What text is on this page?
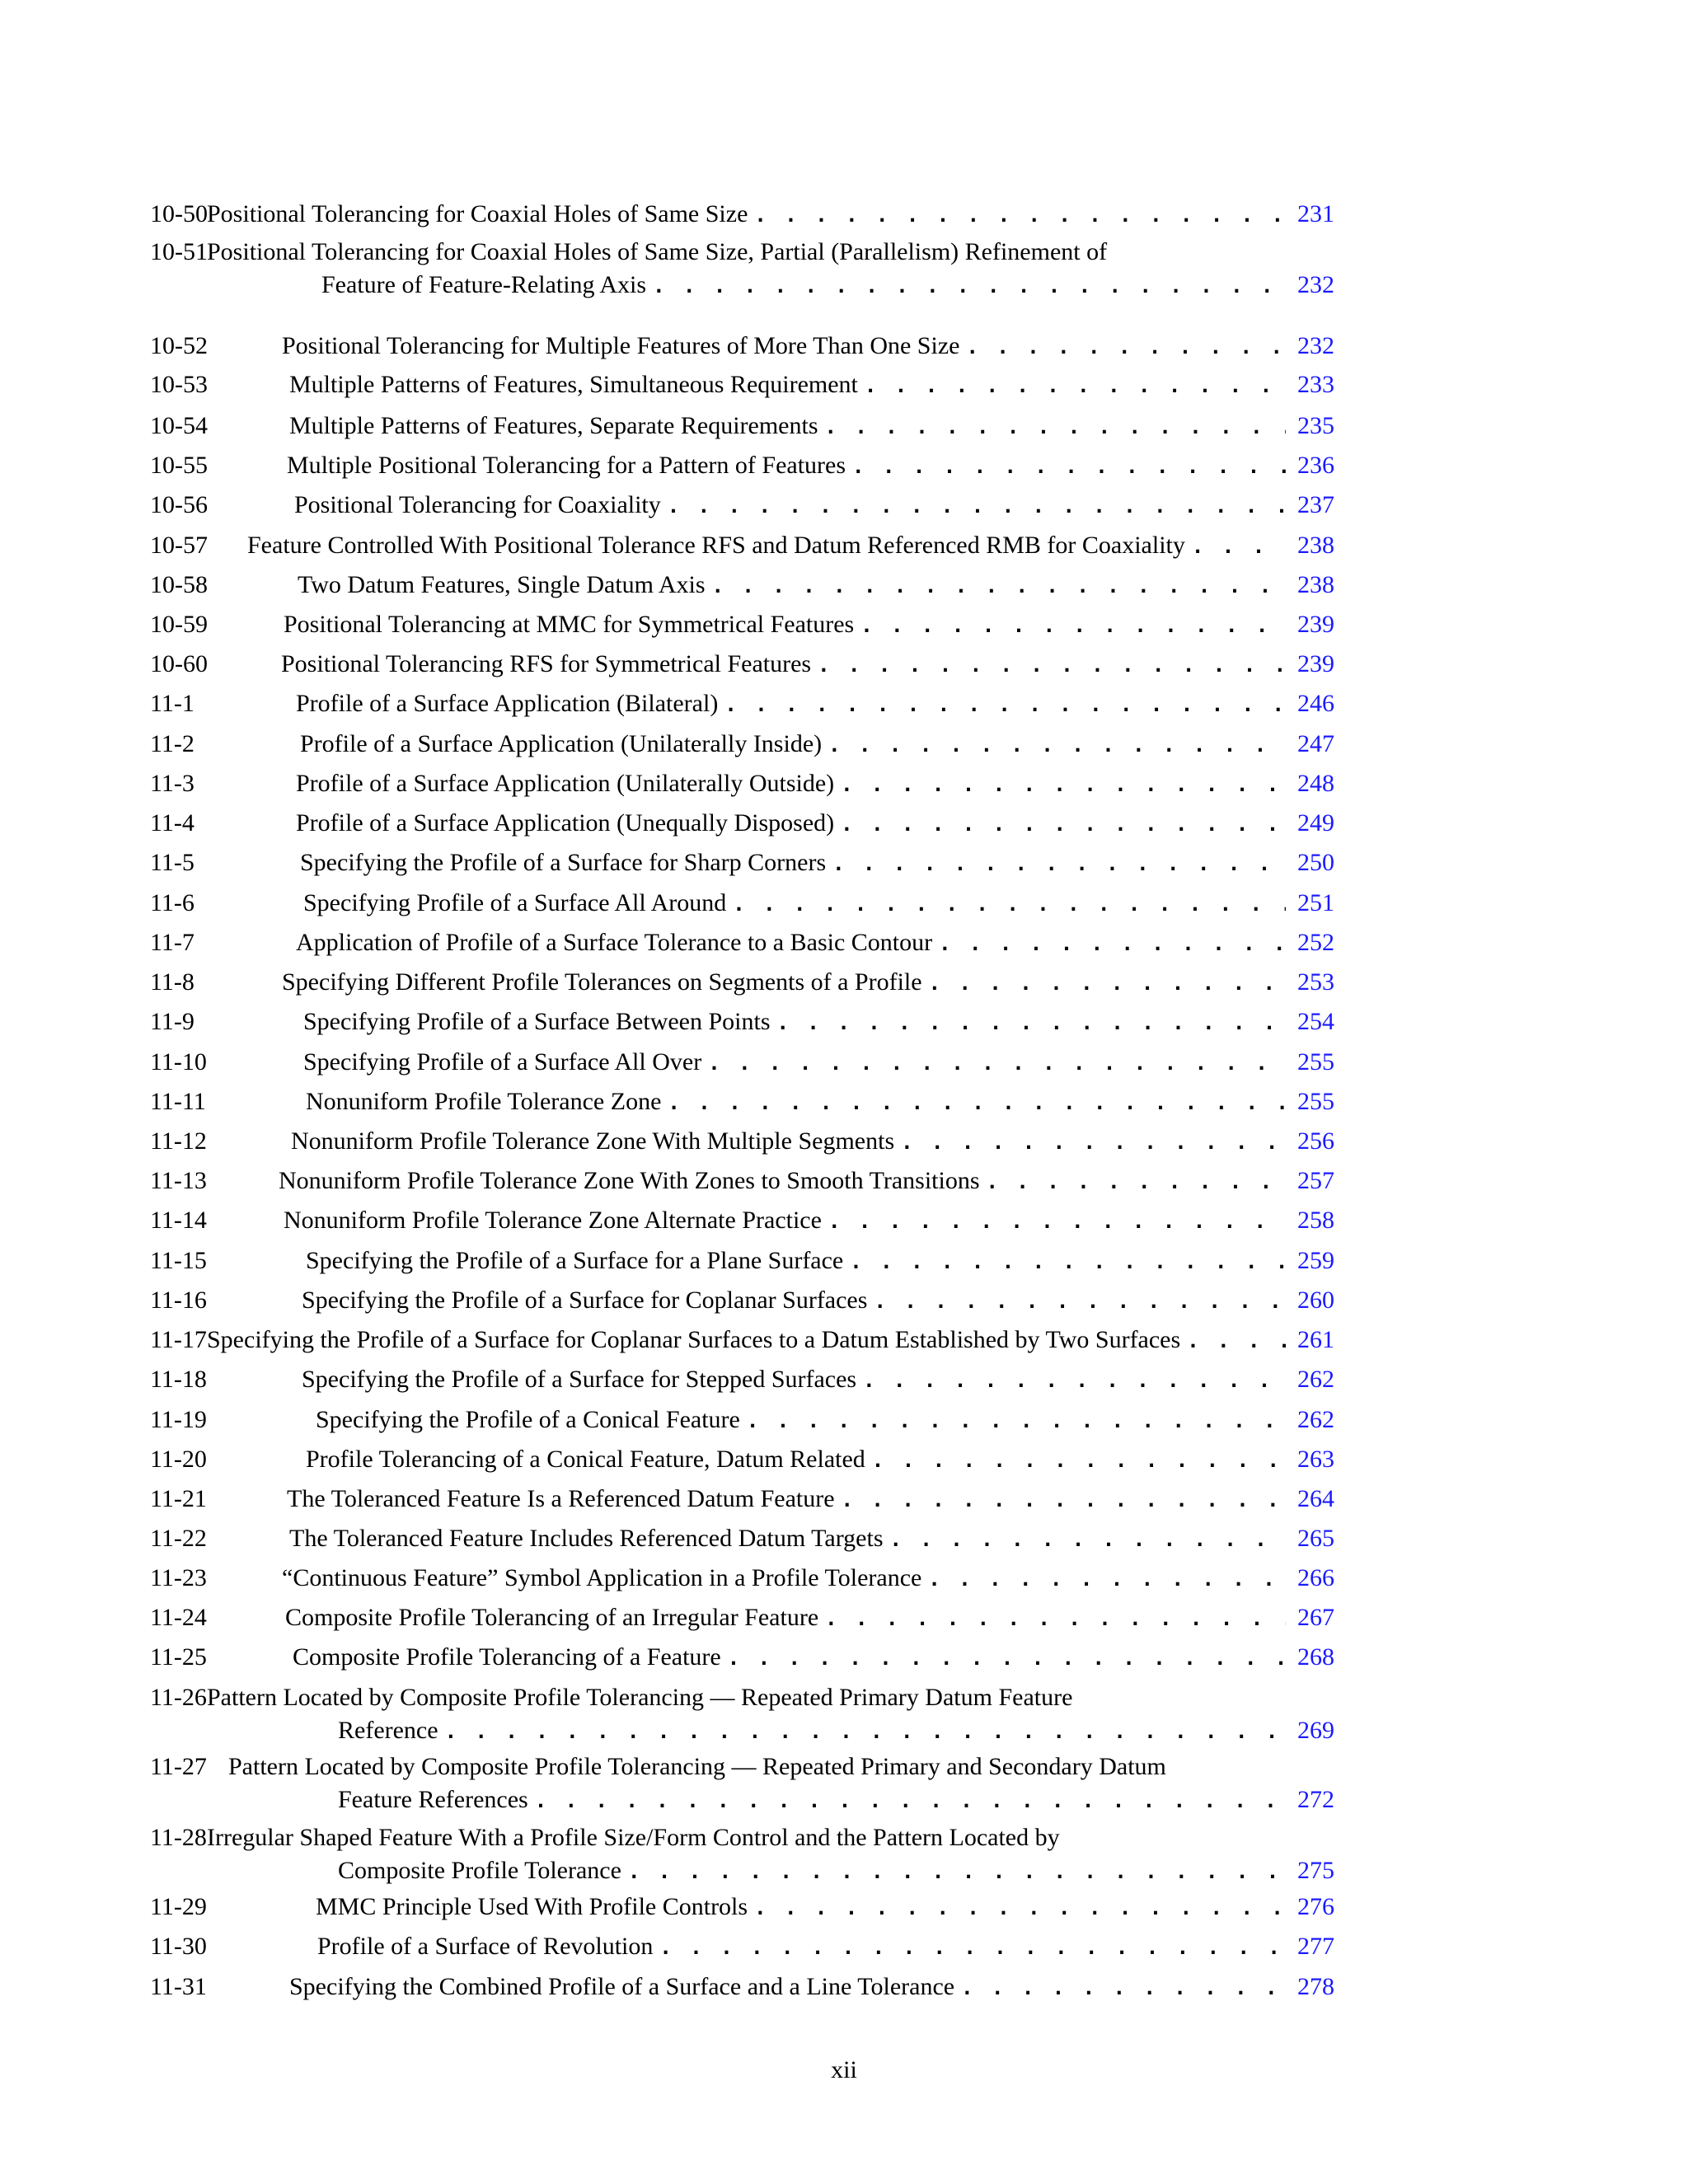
10-50 Positional Tolerancing for Coaxial Holes of Same Size . . .	231
10-51 Positional Tolerancing for Coaxial Holes of Same Size, Partial (Parallelism) Refinement of
Feature of Feature-Relating Axis . . .	232
10-52	Positional Tolerancing for Multiple Features of More Than One Size . . .	232
10-53	Multiple Patterns of Features, Simultaneous Requirement . . .	233
10-54	Multiple Patterns of Features, Separate Requirements . . .	235
10-55	Multiple Positional Tolerancing for a Pattern of Features . . .	236
10-56	Positional Tolerancing for Coaxiality . . .	237
10-57	Feature Controlled With Positional Tolerance RFS and Datum Referenced RMB for Coaxiality . . .	238
10-58	Two Datum Features, Single Datum Axis . . .	238
10-59	Positional Tolerancing at MMC for Symmetrical Features . . .	239
10-60	Positional Tolerancing RFS for Symmetrical Features . . .	239
11-1	Profile of a Surface Application (Bilateral) . . .	246
11-2	Profile of a Surface Application (Unilaterally Inside) . . .	247
11-3	Profile of a Surface Application (Unilaterally Outside) . . .	248
11-4	Profile of a Surface Application (Unequally Disposed) . . .	249
11-5	Specifying the Profile of a Surface for Sharp Corners . . .	250
11-6	Specifying Profile of a Surface All Around . . .	251
11-7	Application of Profile of a Surface Tolerance to a Basic Contour . . .	252
11-8	Specifying Different Profile Tolerances on Segments of a Profile . . .	253
11-9	Specifying Profile of a Surface Between Points . . .	254
11-10	Specifying Profile of a Surface All Over . . .	255
11-11	Nonuniform Profile Tolerance Zone . . .	255
11-12	Nonuniform Profile Tolerance Zone With Multiple Segments . . .	256
11-13	Nonuniform Profile Tolerance Zone With Zones to Smooth Transitions . . .	257
11-14	Nonuniform Profile Tolerance Zone Alternate Practice . . .	258
11-15	Specifying the Profile of a Surface for a Plane Surface . . .	259
11-16	Specifying the Profile of a Surface for Coplanar Surfaces . . .	260
11-17 Specifying the Profile of a Surface for Coplanar Surfaces to a Datum Established by Two Surfaces . . .	261
11-18	Specifying the Profile of a Surface for Stepped Surfaces . . .	262
11-19	Specifying the Profile of a Conical Feature . . .	262
11-20	Profile Tolerancing of a Conical Feature, Datum Related . . .	263
11-21	The Toleranced Feature Is a Referenced Datum Feature . . .	264
11-22	The Toleranced Feature Includes Referenced Datum Targets . . .	265
11-23	“Continuous Feature” Symbol Application in a Profile Tolerance . . .	266
11-24	Composite Profile Tolerancing of an Irregular Feature . . .	267
11-25	Composite Profile Tolerancing of a Feature . . .	268
11-26 Pattern Located by Composite Profile Tolerancing — Repeated Primary Datum Feature
Reference . . .	269
11-27 Pattern Located by Composite Profile Tolerancing — Repeated Primary and Secondary Datum
Feature References . . .	272
11-28 Irregular Shaped Feature With a Profile Size/Form Control and the Pattern Located by
Composite Profile Tolerance . . .	275
11-29	MMC Principle Used With Profile Controls . . .	276
11-30	Profile of a Surface of Revolution . . .	277
11-31	Specifying the Combined Profile of a Surface and a Line Tolerance . . .	278
xii
